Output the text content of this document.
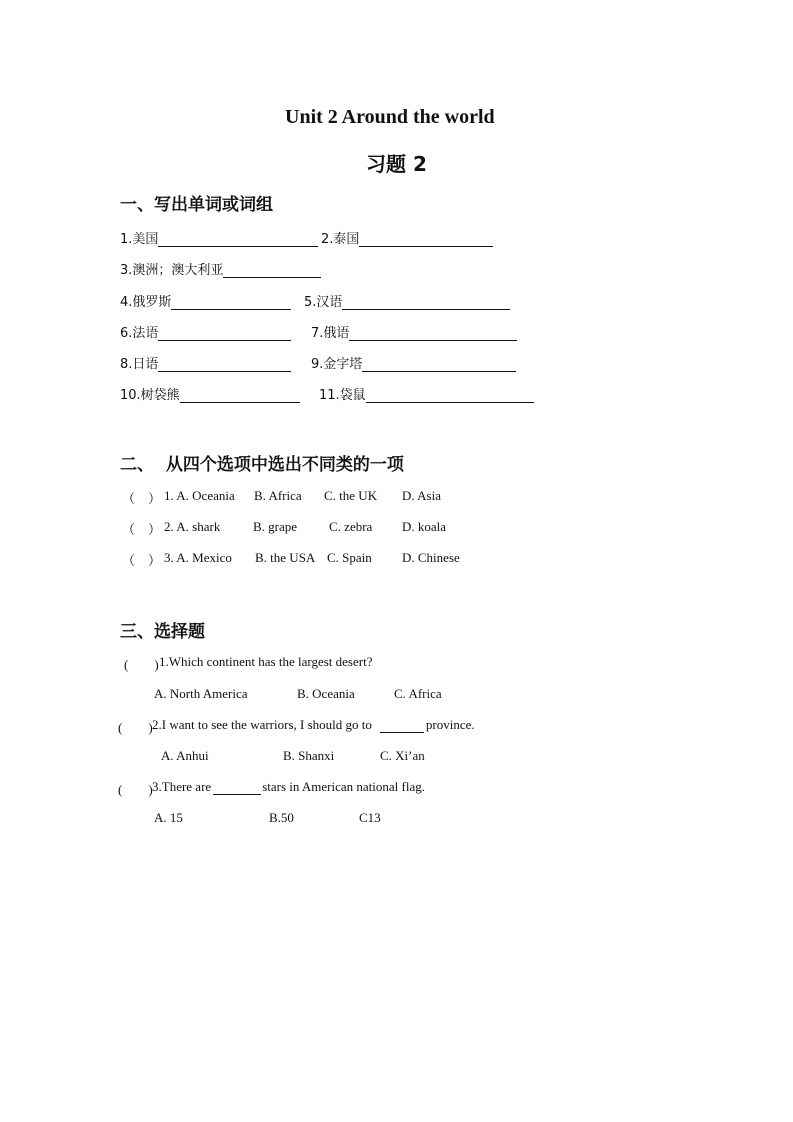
Unit 2 Around the world
习题 2
一、写出单词或词组
1.美国	2.泰国
3.澳洲；澳大利亚
4.俄罗斯	5.汉语
6.法语	7.俄语
8.日语	9.金字塔
10.树袋熊	11.袋鼠
二、  从四个选项中选出不同类的一项
（　） 1. A. Oceania B. Africa C. the UK D. Asia
（　） 2. A. shark	B. grape C. zebra D. koala
（　） 3. A. Mexico B. the USA C. Spain D. Chinese
三、选择题
(　　) 1.Which continent has the largest desert?
A. North America	B. Oceania	C. Africa
(　　) 2.I want to see the warriors, I should go to	province.
A. Anhui	B. Shanxi	C. Xi’an
(　　) 3.There are	stars in American national flag.
A. 15	B.50	C13
